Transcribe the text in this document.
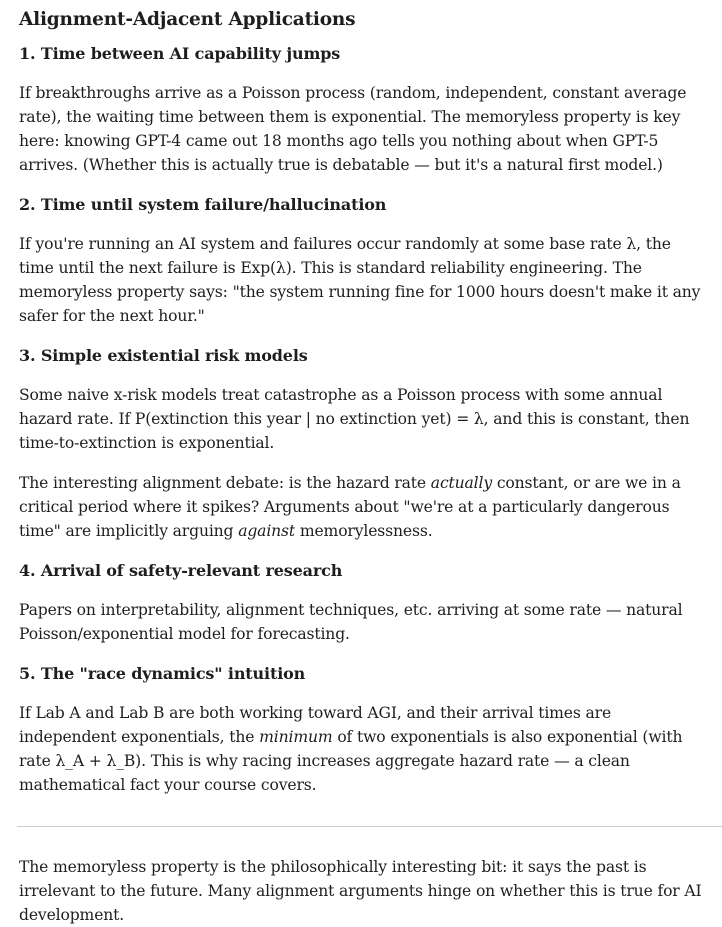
Alignment-Adjacent Applications
1. Time between AI capability jumps

If breakthroughs arrive as a Poisson process (random, independent, constant average rate), the waiting time between them is exponential. The memoryless property is key here: knowing GPT-4 came out 18 months ago tells you nothing about when GPT-5 arrives. (Whether this is actually true is debatable — but it's a natural first model.)

2. Time until system failure/hallucination

If you're running an AI system and failures occur randomly at some base rate λ, the time until the next failure is Exp(λ). This is standard reliability engineering. The memoryless property says: "the system running fine for 1000 hours doesn't make it any safer for the next hour."

3. Simple existential risk models

Some naive x-risk models treat catastrophe as a Poisson process with some annual hazard rate. If P(extinction this year | no extinction yet) = λ, and this is constant, then time-to-extinction is exponential.

The interesting alignment debate: is the hazard rate actually constant, or are we in a critical period where it spikes? Arguments about "we're at a particularly dangerous time" are implicitly arguing against memorylessness.

4. Arrival of safety-relevant research

Papers on interpretability, alignment techniques, etc. arriving at some rate — natural Poisson/exponential model for forecasting.

5. The "race dynamics" intuition

If Lab A and Lab B are both working toward AGI, and their arrival times are independent exponentials, the minimum of two exponentials is also exponential (with rate λ_A + λ_B). This is why racing increases aggregate hazard rate — a clean mathematical fact your course covers.

The memoryless property is the philosophically interesting bit: it says the past is irrelevant to the future. Many alignment arguments hinge on whether this is true for AI development.
